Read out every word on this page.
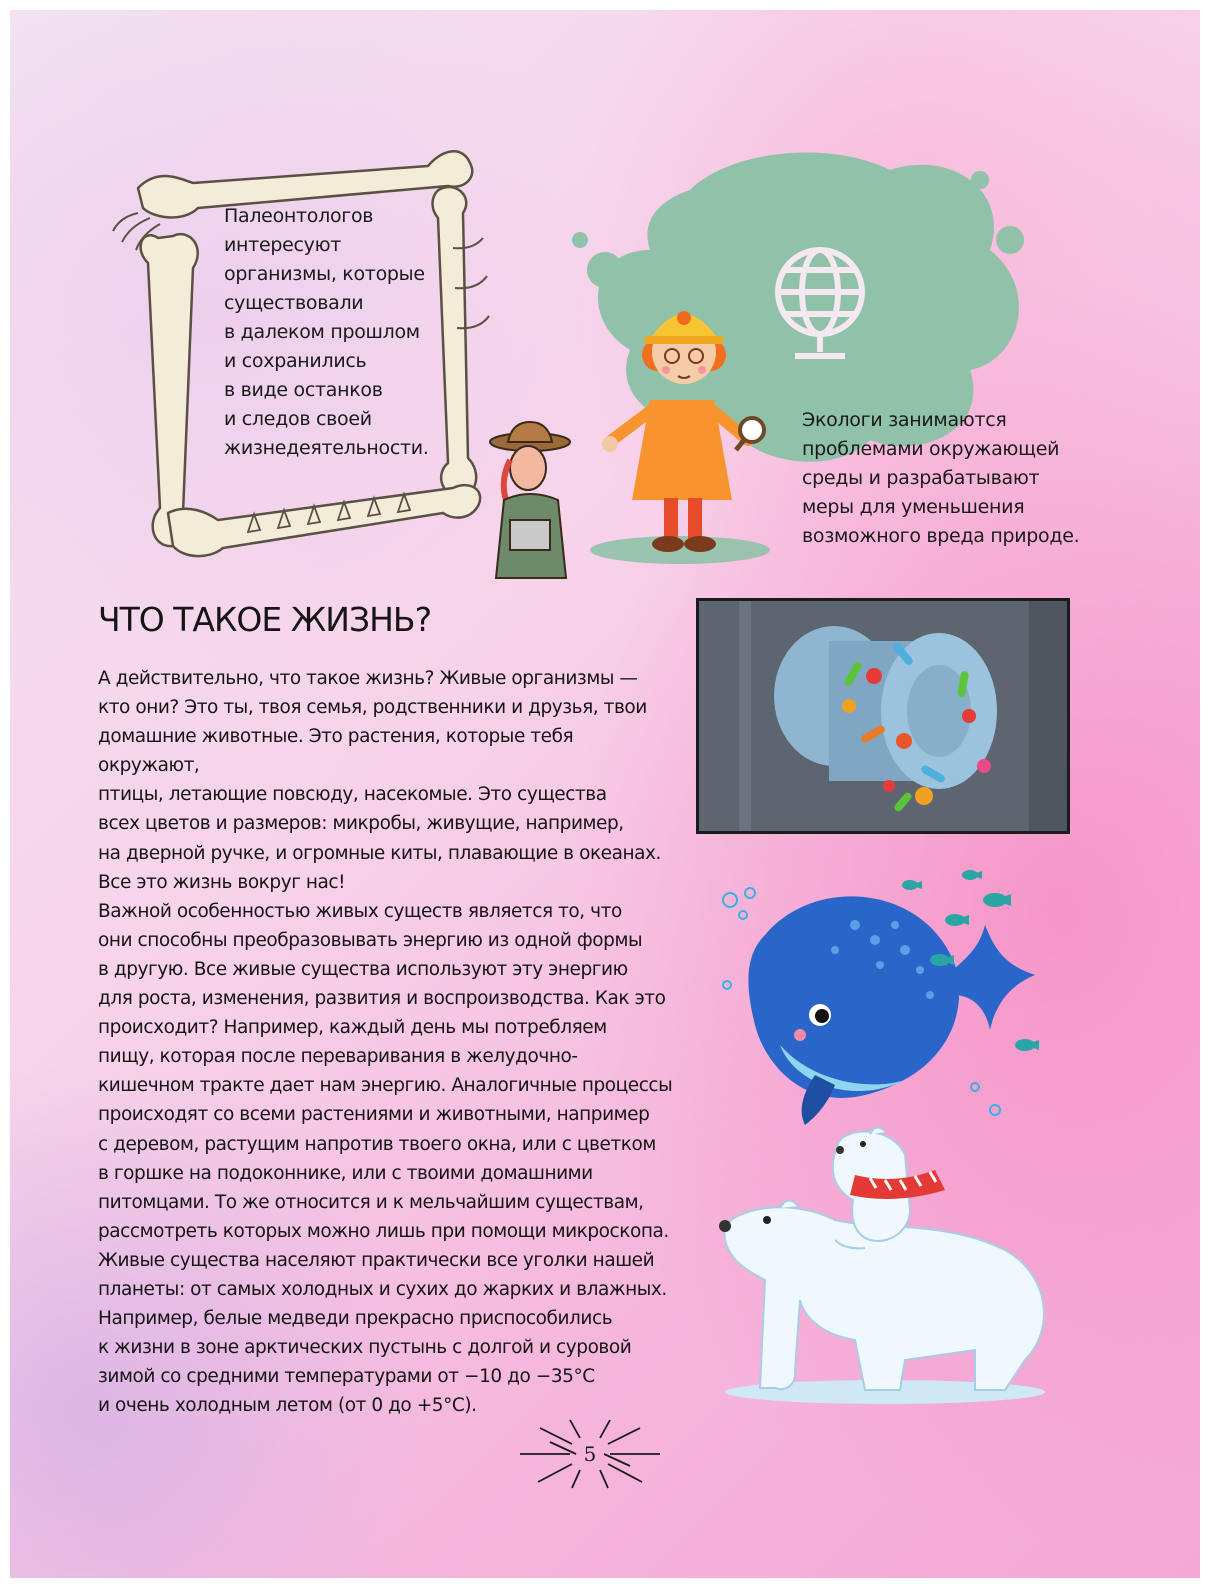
Палеонтологов
интересуют
организмы, которые
существовали
в далеком прошлом
и сохранились
в виде останков
и следов своей
жизнедеятельности.
Экологи занимаются
проблемами окружающей
среды и разрабатывают
меры для уменьшения
возможного вреда природе.
ЧТО ТАКОЕ ЖИЗНЬ?
А действительно, что такое жизнь? Живые организмы —
кто они? Это ты, твоя семья, родственники и друзья, твои
домашние животные. Это растения, которые тебя окружают,
птицы, летающие повсюду, насекомые. Это существа
всех цветов и размеров: микробы, живущие, например,
на дверной ручке, и огромные киты, плавающие в океанах.
Все это жизнь вокруг нас!
Важной особенностью живых существ является то, что
они способны преобразовывать энергию из одной формы
в другую. Все живые существа используют эту энергию
для роста, изменения, развития и воспроизводства. Как это
происходит? Например, каждый день мы потребляем
пищу, которая после переваривания в желудочно-
кишечном тракте дает нам энергию. Аналогичные процессы
происходят со всеми растениями и животными, например
с деревом, растущим напротив твоего окна, или с цветком
в горшке на подоконнике, или с твоими домашними
питомцами. То же относится и к мельчайшим существам,
рассмотреть которых можно лишь при помощи микроскопа.
Живые существа населяют практически все уголки нашей
планеты: от самых холодных и сухих до жарких и влажных.
Например, белые медведи прекрасно приспособились
к жизни в зоне арктических пустынь с долгой и суровой
зимой со средними температурами от −10 до −35°C
и очень холодным летом (от 0 до +5°C).
5
